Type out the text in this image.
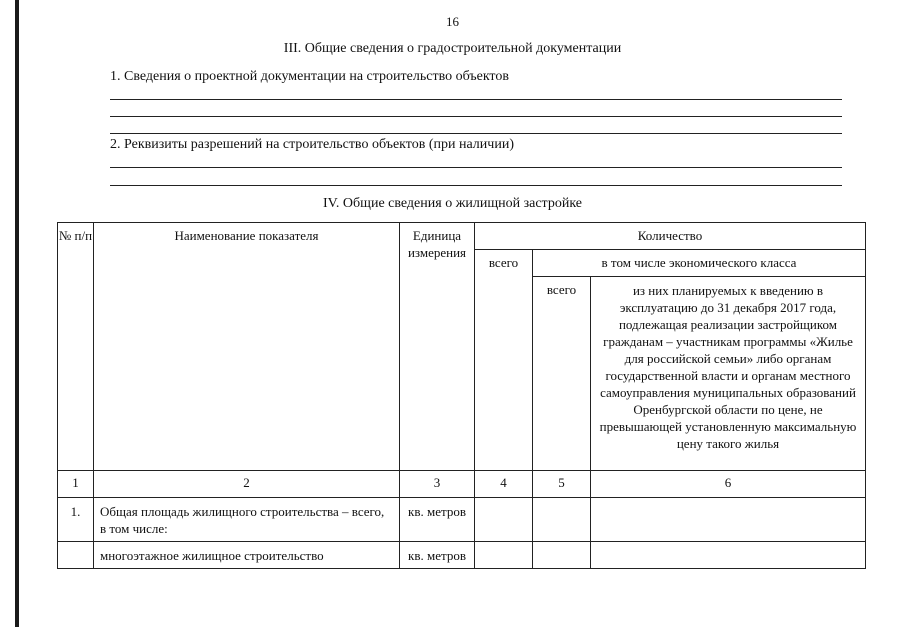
16
III. Общие сведения о градостроительной документации
1. Сведения о проектной документации на строительство объектов
2. Реквизиты разрешений на строительство объектов (при наличии)
IV. Общие сведения о жилищной застройке
№ п/п	Наименование показателя	Единица измерения	Количество		
			всего	в том числе экономического класса	
				всего	из них планируемых к введению в эксплуатацию до 31 декабря 2017 года, подлежащая реализации застройщиком гражданам – участникам программы «Жилье для российской семьи» либо органам государственной власти и органам местного самоуправления муниципальных образований Оренбургской области по цене, не превышающей установленную максимальную цену такого жилья
1	2	3	4	5	6
1.	Общая площадь жилищного строительства – всего, в том числе:	кв. метров			
	многоэтажное жилищное строительство	кв. метров			
